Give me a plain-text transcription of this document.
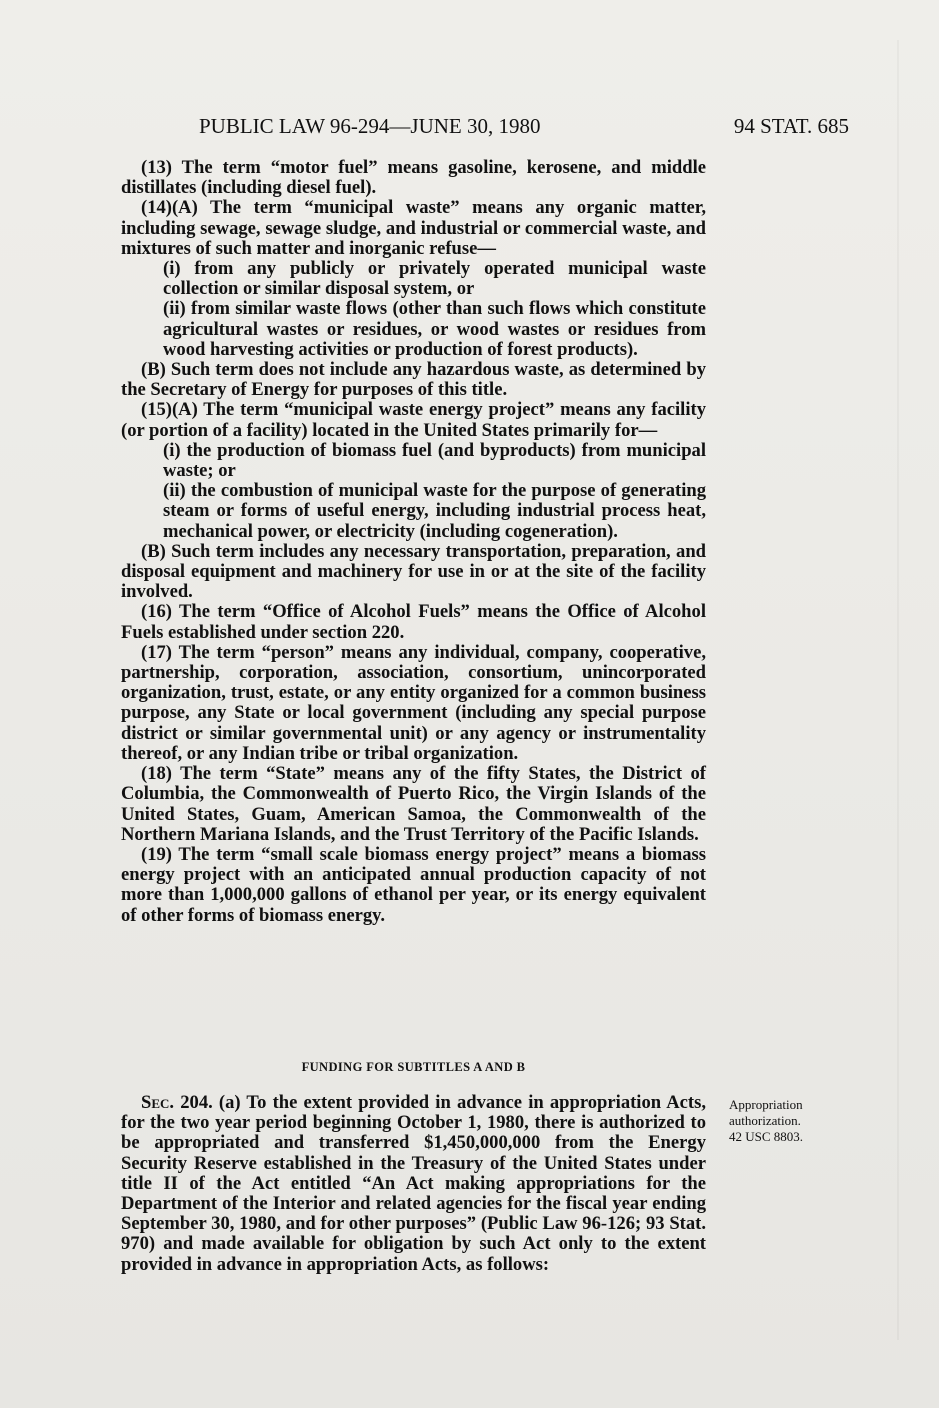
PUBLIC LAW 96-294—JUNE 30, 1980	94 STAT. 685

(13) The term “motor fuel” means gasoline, kerosene, and middle distillates (including diesel fuel).

(14)(A) The term “municipal waste” means any organic matter, including sewage, sewage sludge, and industrial or commercial waste, and mixtures of such matter and inorganic refuse—

(i) from any publicly or privately operated municipal waste collection or similar disposal system, or

(ii) from similar waste flows (other than such flows which constitute agricultural wastes or residues, or wood wastes or residues from wood harvesting activities or production of forest products).

(B) Such term does not include any hazardous waste, as determined by the Secretary of Energy for purposes of this title.

(15)(A) The term “municipal waste energy project” means any facility (or portion of a facility) located in the United States primarily for—

(i) the production of biomass fuel (and byproducts) from municipal waste; or

(ii) the combustion of municipal waste for the purpose of generating steam or forms of useful energy, including industrial process heat, mechanical power, or electricity (including cogeneration).

(B) Such term includes any necessary transportation, preparation, and disposal equipment and machinery for use in or at the site of the facility involved.

(16) The term “Office of Alcohol Fuels” means the Office of Alcohol Fuels established under section 220.

(17) The term “person” means any individual, company, cooperative, partnership, corporation, association, consortium, unincorporated organization, trust, estate, or any entity organized for a common business purpose, any State or local government (including any special purpose district or similar governmental unit) or any agency or instrumentality thereof, or any Indian tribe or tribal organization.

(18) The term “State” means any of the fifty States, the District of Columbia, the Commonwealth of Puerto Rico, the Virgin Islands of the United States, Guam, American Samoa, the Commonwealth of the Northern Mariana Islands, and the Trust Territory of the Pacific Islands.

(19) The term “small scale biomass energy project” means a biomass energy project with an anticipated annual production capacity of not more than 1,000,000 gallons of ethanol per year, or its energy equivalent of other forms of biomass energy.

FUNDING FOR SUBTITLES A AND B

Sec. 204. (a) To the extent provided in advance in appropriation Acts, for the two year period beginning October 1, 1980, there is authorized to be appropriated and transferred $1,450,000,000 from the Energy Security Reserve established in the Treasury of the United States under title II of the Act entitled “An Act making appropriations for the Department of the Interior and related agencies for the fiscal year ending September 30, 1980, and for other purposes” (Public Law 96-126; 93 Stat. 970) and made available for obligation by such Act only to the extent provided in advance in appropriation Acts, as follows:

Appropriation
authorization.
42 USC 8803.
